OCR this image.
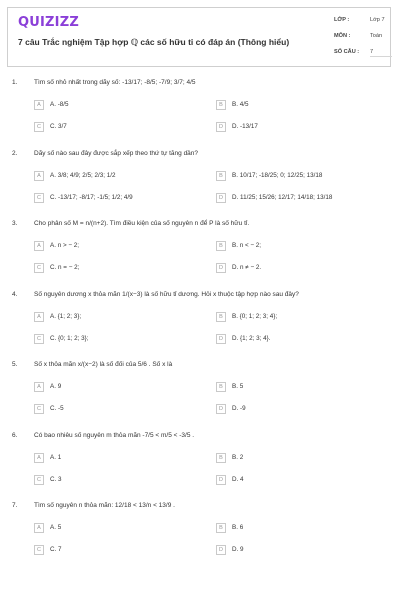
QUIZIZZ
7 câu Trắc nghiệm Tập hợp ℚ các số hữu tỉ có đáp án (Thông hiểu)
LỚP :	Lớp 7
MÔN :	Toán
SỐ CÂU : 7
1.	Tìm số nhỏ nhất trong dãy số: -13/17; -8/5; -7/9; 3/7; 4/5
A	A. -8/5	B	B. 4/5
C	C. 3/7	D	D. -13/17
2.	Dãy số nào sau đây được sắp xếp theo thứ tự tăng dần?
A	A. 3/8; 4/9; 2/5; 2/3; 1/2	B	B. 10/17; -18/25; 0; 12/25; 13/18
C	C. -13/17; -8/17; -1/5; 1/2; 4/9	D	D. 11/25; 15/26; 12/17; 14/18; 13/18
3.	Cho phân số M = n/(n+2). Tìm điều kiện của số nguyên n để P là số hữu tỉ.
A	A. n > − 2;	B	B. n < − 2;
C	C. n = − 2;	D	D. n ≠ − 2.
4.	Số nguyên dương x thỏa mãn 1/(x−3) là số hữu tỉ dương. Hỏi x thuộc tập hợp nào sau đây?
A	A. {1; 2; 3};	B	B. {0; 1; 2; 3; 4};
C	C. {0; 1; 2; 3};	D	D. {1; 2; 3; 4}.
5.	Số x thỏa mãn x/(x−2) là số đối của 5/6 . Số x là
A	A. 9	B	B. 5
C	C. -5	D	D. -9
6.	Có bao nhiêu số nguyên m thỏa mãn -7/5 < m/5 < -3/5 .
A	A. 1	B	B. 2
C	C. 3	D	D. 4
7.	Tìm số nguyên n thỏa mãn: 12/18 < 13/n < 13/9 .
A	A. 5	B	B. 6
C	C. 7	D	D. 9
